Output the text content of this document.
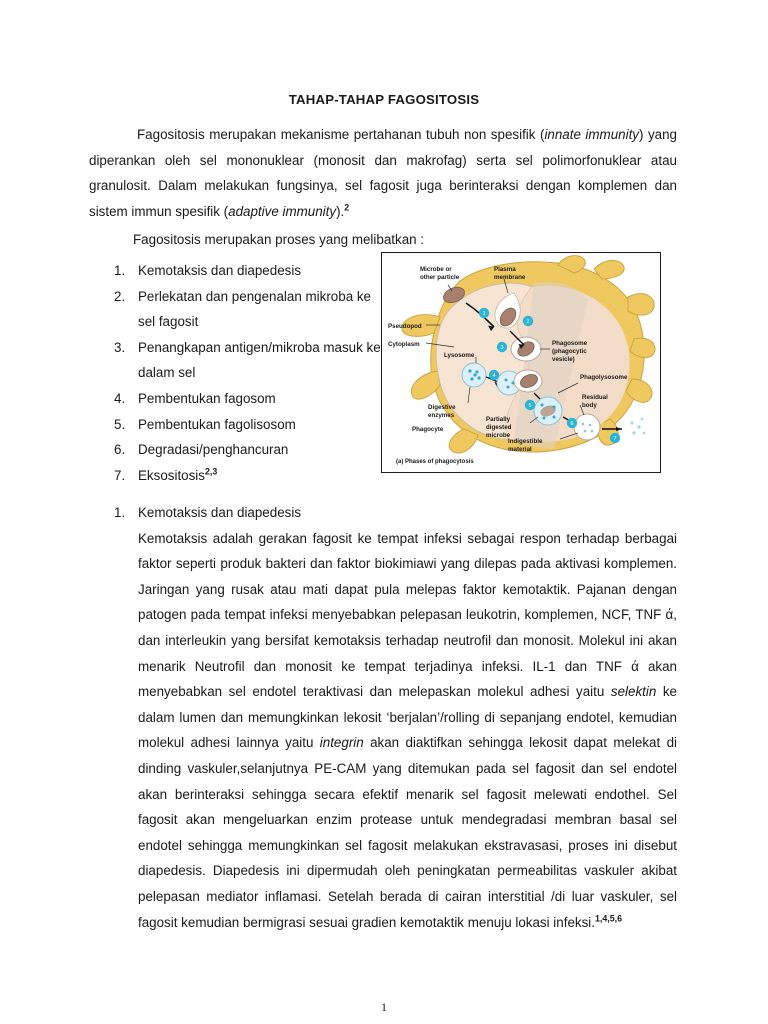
TAHAP-TAHAP FAGOSITOSIS
Fagositosis merupakan mekanisme pertahanan tubuh non spesifik (innate immunity) yang diperankan oleh sel mononuklear (monosit dan makrofag) serta sel polimorfonuklear atau granulosit. Dalam melakukan fungsinya, sel fagosit juga berinteraksi dengan komplemen dan sistem immun spesifik (adaptive immunity).$^2$
Fagositosis merupakan proses yang melibatkan :
1. Kemotaksis dan diapedesis
2. Perlekatan dan pengenalan mikroba ke sel fagosit
3. Penangkapan antigen/mikroba masuk ke dalam sel
4. Pembentukan fagosom
5. Pembentukan fagolisosom
6. Degradasi/penghancuran
7. Eksositosis$^{2,3}$
1
2
3
4
5
6
7
Microbe or
other particle
Plasma
membrane
Pseudopod
Cytoplasm
Lysosome
Digestive
enzymes
Phagosome
(phagocytic
vesicle)
Phagolysosome
Partially
digested
microbe
Residual
body
Indigestible
material
Phagocyte
(a) Phases of phagocytosis
1. Kemotaksis dan diapedesis
Kemotaksis adalah gerakan fagosit ke tempat infeksi sebagai respon terhadap berbagai faktor seperti produk bakteri dan faktor biokimiawi yang dilepas pada aktivasi komplemen. Jaringan yang rusak atau mati dapat pula melepas faktor kemotaktik. Pajanan dengan patogen pada tempat infeksi menyebabkan pelepasan leukotrin, komplemen, NCF, TNF ά, dan interleukin yang bersifat kemotaksis terhadap neutrofil dan monosit. Molekul ini akan menarik Neutrofil dan monosit ke tempat terjadinya infeksi. IL-1 dan TNF ά akan menyebabkan sel endotel teraktivasi dan melepaskan molekul adhesi yaitu selektin ke dalam lumen dan memungkinkan lekosit ‘berjalan’/rolling di sepanjang endotel, kemudian molekul adhesi lainnya yaitu integrin akan diaktifkan sehingga lekosit dapat melekat di dinding vaskuler,selanjutnya PE-CAM yang ditemukan pada sel fagosit dan sel endotel akan berinteraksi sehingga secara efektif menarik sel fagosit melewati endothel. Sel fagosit akan mengeluarkan enzim protease untuk mendegradasi membran basal sel endotel sehingga memungkinkan sel fagosit melakukan ekstravasasi, proses ini disebut diapedesis. Diapedesis ini dipermudah oleh peningkatan permeabilitas vaskuler akibat pelepasan mediator inflamasi. Setelah berada di cairan interstitial /di luar vaskuler, sel fagosit kemudian bermigrasi sesuai gradien kemotaktik menuju lokasi infeksi.$^{1,4,5,6}$
1
